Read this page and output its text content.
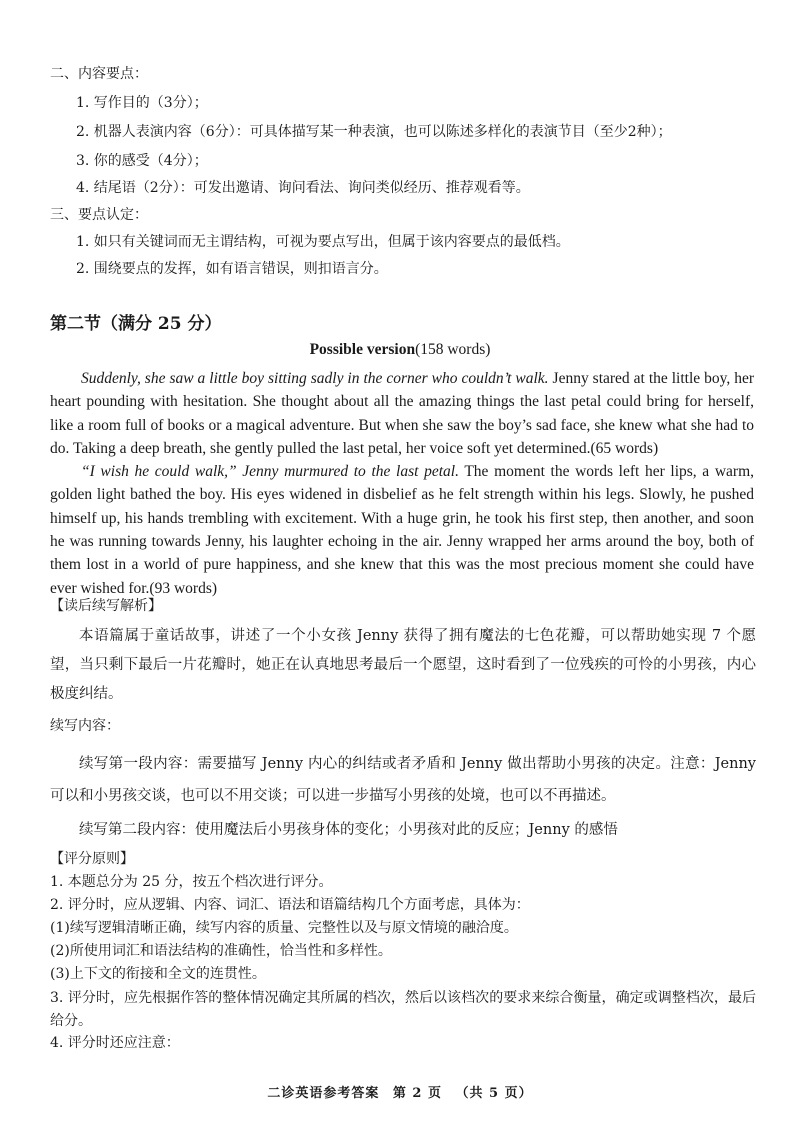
二、内容要点：
1. 写作目的（3分）；
2. 机器人表演内容（6分）：可具体描写某一种表演，也可以陈述多样化的表演节目（至少2种）；
3. 你的感受（4分）；
4. 结尾语（2分）：可发出邀请、询问看法、询问类似经历、推荐观看等。
三、要点认定：
1. 如只有关键词而无主谓结构，可视为要点写出，但属于该内容要点的最低档。
2. 围绕要点的发挥，如有语言错误，则扣语言分。
第二节（满分 25 分）
Possible version(158 words)

Suddenly, she saw a little boy sitting sadly in the corner who couldn’t walk. Jenny stared at the little boy, her heart pounding with hesitation. She thought about all the amazing things the last petal could bring for herself, like a room full of books or a magical adventure. But when she saw the boy’s sad face, she knew what she had to do. Taking a deep breath, she gently pulled the last petal, her voice soft yet determined.(65 words)

“I wish he could walk,” Jenny murmured to the last petal. The moment the words left her lips, a warm, golden light bathed the boy. His eyes widened in disbelief as he felt strength within his legs. Slowly, he pushed himself up, his hands trembling with excitement. With a huge grin, he took his first step, then another, and soon he was running towards Jenny, his laughter echoing in the air. Jenny wrapped her arms around the boy, both of them lost in a world of pure happiness, and she knew that this was the most precious moment she could have ever wished for.(93 words)

【读后续写解析】

本语篇属于童话故事，讲述了一个小女孩 Jenny 获得了拥有魔法的七色花瓣，可以帮助她实现 7 个愿望，当只剩下最后一片花瓣时，她正在认真地思考最后一个愿望，这时看到了一位残疾的可怜的小男孩，内心极度纠结。

续写内容：

续写第一段内容：需要描写 Jenny 内心的纠结或者矛盾和 Jenny 做出帮助小男孩的决定。注意：Jenny 可以和小男孩交谈，也可以不用交谈；可以进一步描写小男孩的处境，也可以不再描述。

续写第二段内容：使用魔法后小男孩身体的变化；小男孩对此的反应；Jenny 的感悟

【评分原则】
1. 本题总分为 25 分，按五个档次进行评分。
2. 评分时，应从逻辑、内容、词汇、语法和语篇结构几个方面考虑，具体为：
(1)续写逻辑清晰正确，续写内容的质量、完整性以及与原文情境的融洽度。
(2)所使用词汇和语法结构的准确性，恰当性和多样性。
(3)上下文的衔接和全文的连贯性。

3. 评分时，应先根据作答的整体情况确定其所属的档次，然后以该档次的要求来综合衡量，确定或调整档次，最后给分。

4. 评分时还应注意：
二诊英语参考答案 第 2 页 （共 5 页）
